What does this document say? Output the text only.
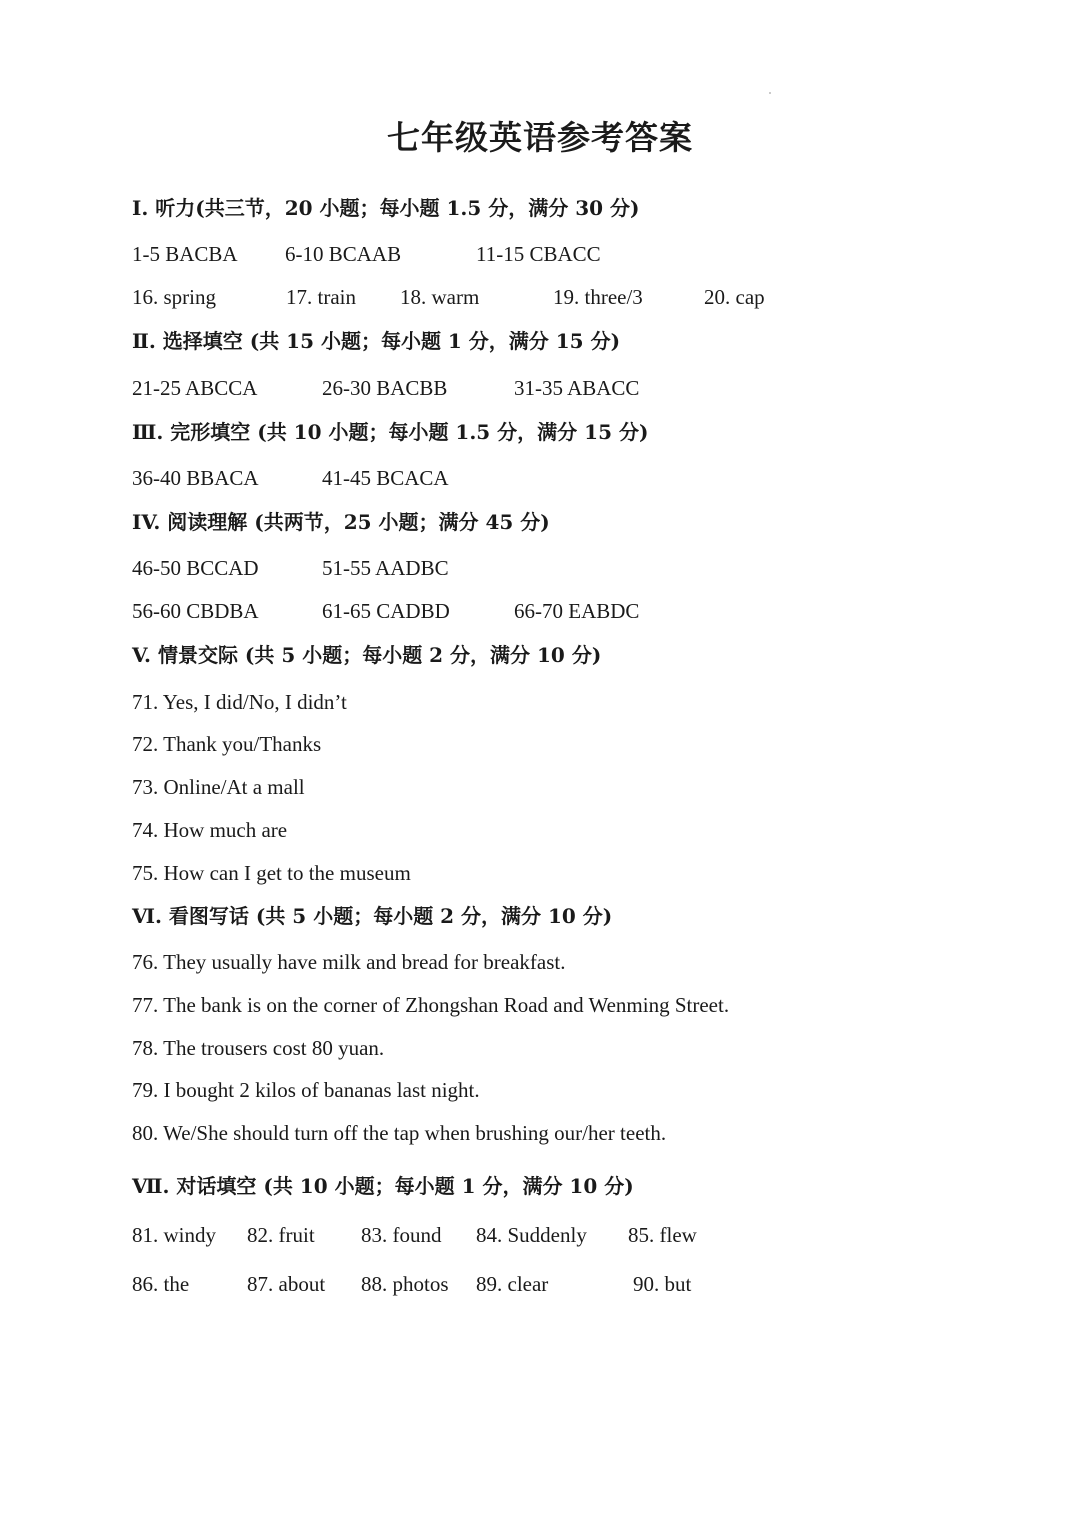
七年级英语参考答案
I. 听力(共三节，20 小题；每小题 1.5 分，满分 30 分)
1-5 BACBA 6-10 BCAAB	11-15 CBACC
16. spring	17. train 18. warm	19. three/3	20. cap
Ⅱ. 选择填空 (共 15 小题；每小题 1 分，满分 15 分)
21-25 ABCCA	26-30 BACBB	31-35 ABACC
Ⅲ. 完形填空 (共 10 小题；每小题 1.5 分，满分 15 分)
36-40 BBACA	41-45 BCACA
IV. 阅读理解 (共两节，25 小题；满分 45 分)
46-50 BCCAD	51-55 AADBC
56-60 CBDBA	61-65 CADBD	66-70 EABDC
V. 情景交际 (共 5 小题；每小题 2 分，满分 10 分)
71. Yes, I did/No, I didn’t
72. Thank you/Thanks
73. Online/At a mall
74. How much are
75. How can I get to the museum
Ⅵ. 看图写话 (共 5 小题；每小题 2 分，满分 10 分)
76. They usually have milk and bread for breakfast.
77. The bank is on the corner of Zhongshan Road and Wenming Street.
78. The trousers cost 80 yuan.
79. I bought 2 kilos of bananas last night.
80. We/She should turn off the tap when brushing our/her teeth.
Ⅶ. 对话填空 (共 10 小题；每小题 1 分，满分 10 分)
81. windy 82. fruit 83. found 84. Suddenly 85. flew
86. the	87. about 88. photos 89. clear	90. but
